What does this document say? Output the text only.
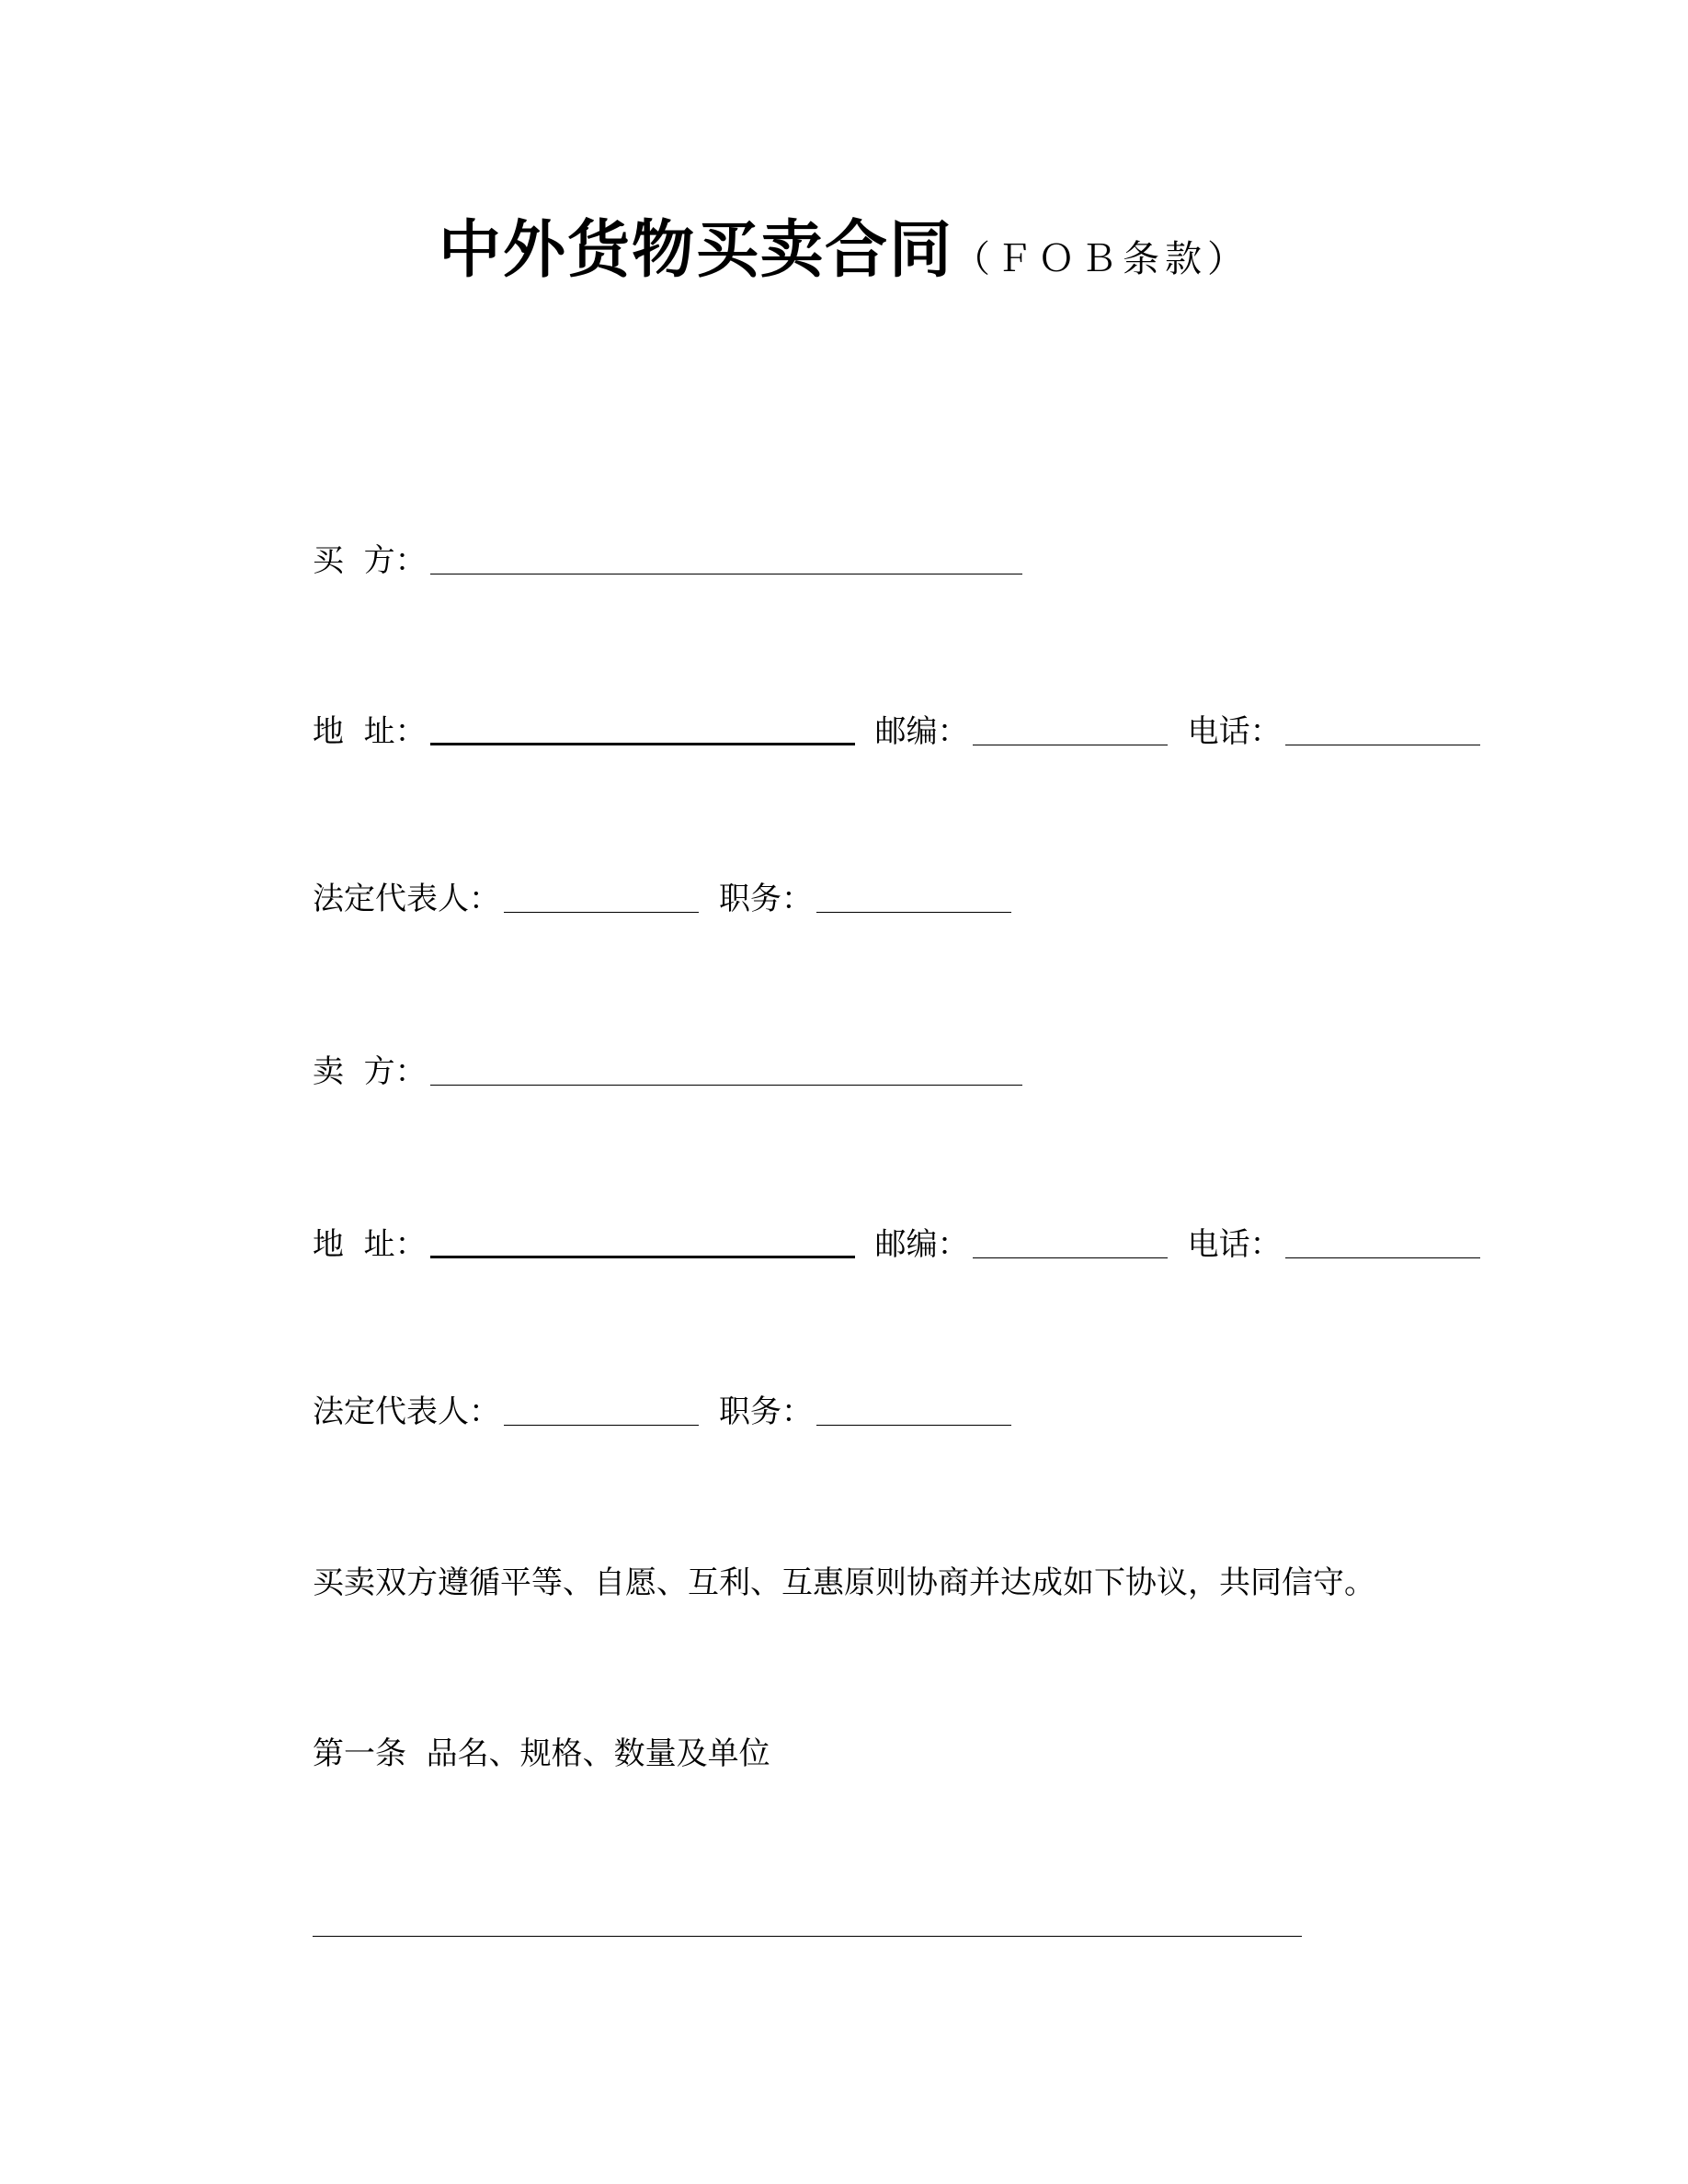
中外货物买卖合同（ＦＯＢ条款）
买  方：
地  址：	邮编：	电话：
法定代表人：	职务：
卖  方：
地  址：	邮编：	电话：
法定代表人：	职务：
买卖双方遵循平等、自愿、互利、互惠原则协商并达成如下协议，共同信守。
第一条  品名、规格、数量及单位
